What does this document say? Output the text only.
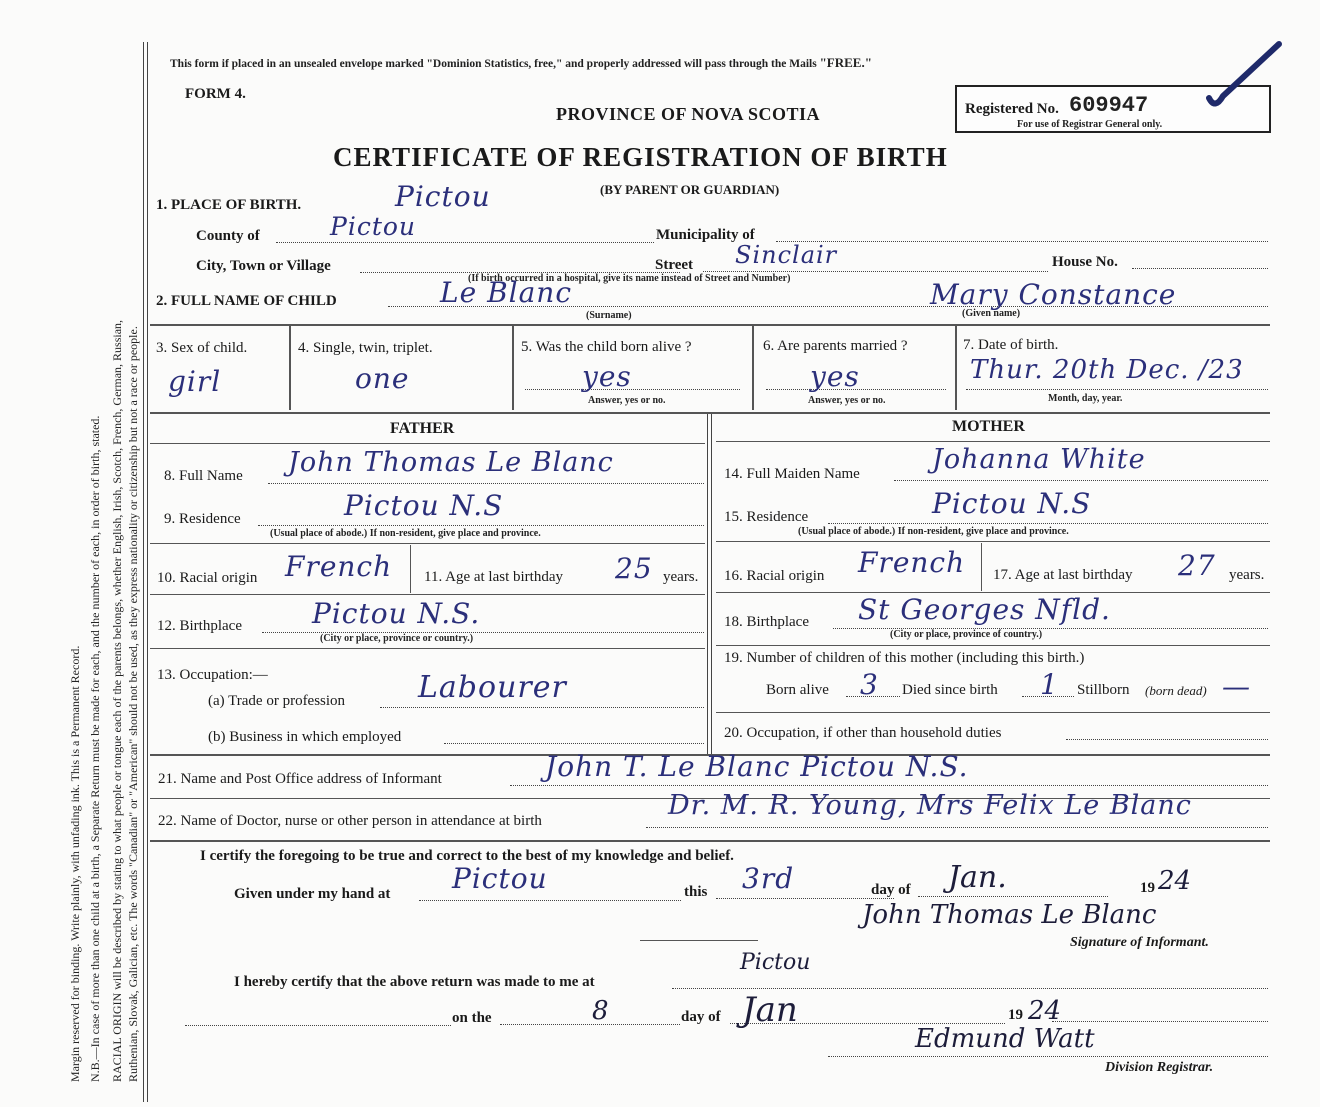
Margin reserved for binding. Write plainly, with unfading ink. This is a Permanent Record. N.B.—In case of more than one child at a birth, a Separate Return must be made for each, and the number of each, in order of birth, stated. RACIAL ORIGIN will be described by stating to what people or tongue each of the parents belongs, whether English, Irish, Scotch, French, German, Russian, Ruthenian, Slovak, Galician, etc. The words "Canadian" or "American" should not be used, as they express nationality or citizenship but not a race or people.
This form if placed in an unsealed envelope marked "Dominion Statistics, free," and properly addressed will pass through the Mails "FREE."
FORM 4.
PROVINCE OF NOVA SCOTIA	Registered No. 609947
For use of Registrar General only.
CERTIFICATE OF REGISTRATION OF BIRTH
(BY PARENT OR GUARDIAN)
1. PLACE OF BIRTH.	Pictou
County of	Pictou	Municipality of
City, Town or Village	Street Sinclair	House No.
(If birth occurred in a hospital, give its name instead of Street and Number)
2. FULL NAME OF CHILD	Le Blanc	Mary Constance
(Surname)	(Given name)
3. Sex of child.
girl
4. Single, twin, triplet.
one
5. Was the child born alive ?
yes
Answer, yes or no.
6. Are parents married ?
yes
Answer, yes or no.
7. Date of birth.
Thur. 20th Dec. /23
Month, day, year.
FATHER
8. Full Name John Thomas Le Blanc
9. Residence	Pictou N.S
(Usual place of abode.) If non-resident, give place and province.
10. Racial origin French 11. Age at last birthday 25 years.
12. Birthplace	Pictou N.S.
(City or place, province or country.)
13. Occupation:—
(a) Trade or profession Labourer
(b) Business in which employed
MOTHER
14. Full Maiden Name	Johanna White
15. Residence	Pictou N.S
(Usual place of abode.) If non-resident, give place and province.
16. Racial origin French 17. Age at last birthday 27 years.
18. Birthplace St Georges Nfld.
(City or place, province of country.)
19. Number of children of this mother (including this birth.)
Born alive 3 Died since birth 1 Stillborn (born dead) —
20. Occupation, if other than household duties
21. Name and Post Office address of Informant	John T. Le Blanc Pictou N.S.
22. Name of Doctor, nurse or other person in attendance at birth	Dr. M. R. Young, Mrs Felix Le Blanc
I certify the foregoing to be true and correct to the best of my knowledge and belief.
Given under my hand at Pictou	this 3rd	day of Jan.	19 24
John Thomas Le Blanc
Signature of Informant.
I hereby certify that the above return was made to me at
Pictou
on the	8	day of Jan	19 24
Edmund Watt
Division Registrar.
